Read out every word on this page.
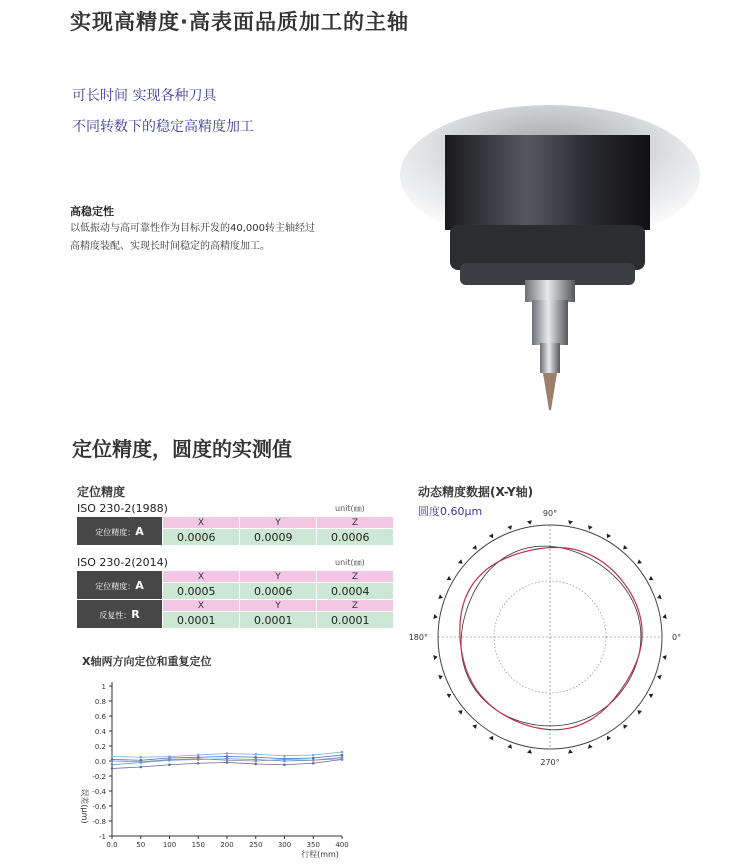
实现高精度·高表面品质加工的主轴
可长时间 实现各种刀具
不同转数下的稳定高精度加工
高稳定性
以低振动与高可靠性作为目标开发的40,000转主轴经过
高精度装配、实现长时间稳定的高精度加工。
定位精度，圆度的实测值
定位精度
ISO 230-2(1988)	unit(㎜)
定位精度：A	X	Y	Z
	0.0006	0.0009	0.0006
ISO 230-2(2014)	unit(㎜)
定位精度：A	X	Y	Z
	0.0005	0.0006	0.0004
反复性：R	X	Y	Z
	0.0001	0.0001	0.0001
X轴两方向定位和重复定位
1
0.8
0.6
0.4
0.2
0.0
-0.2
-0.4
-0.6
-0.8
-1
0.0	50	100 150 200 250 300 350 400
行程(mm)
误差(μm)
动态精度数据(X-Y轴)
圆度0.60μm	90°
0°
270°
180°
